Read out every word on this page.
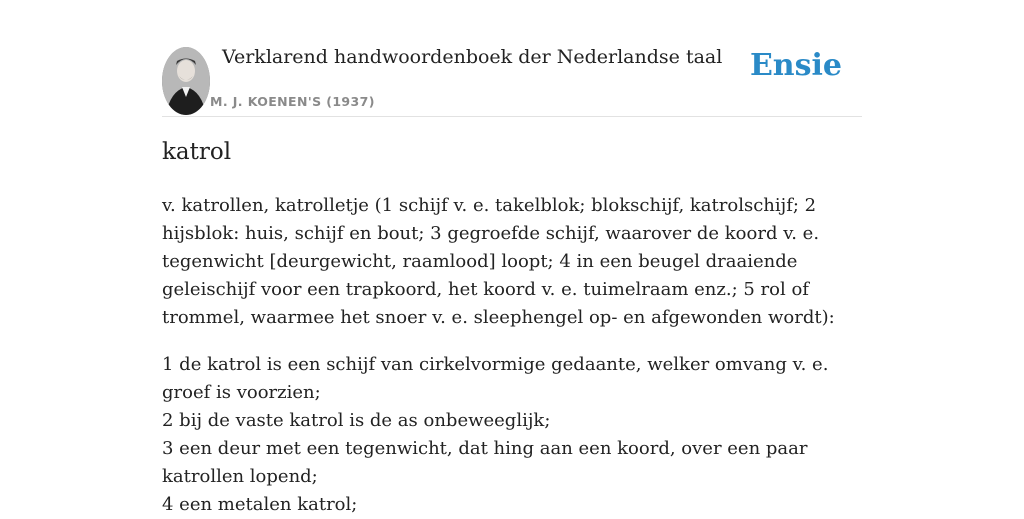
Verklarend handwoordenboek der Nederlandse taal
M. J. KOENEN'S (1937)
Ensie
katrol

v. katrollen, katrolletje (1 schijf v. e. takelblok; blokschijf, katrolschijf; 2 hijsblok: huis, schijf en bout; 3 gegroefde schijf, waarover de koord v. e. tegenwicht [deurgewicht, raamlood] loopt; 4 in een beugel draaiende geleischijf voor een trapkoord, het koord v. e. tuimelraam enz.; 5 rol of trommel, waarmee het snoer v. e. sleephengel op- en afgewonden wordt):

1 de katrol is een schijf van cirkelvormige gedaante, welker omvang v. e. groef is voorzien;
2 bij de vaste katrol is de as onbeweeglijk;
3 een deur met een tegenwicht, dat hing aan een koord, over een paar katrollen lopend;
4 een metalen katrol;
